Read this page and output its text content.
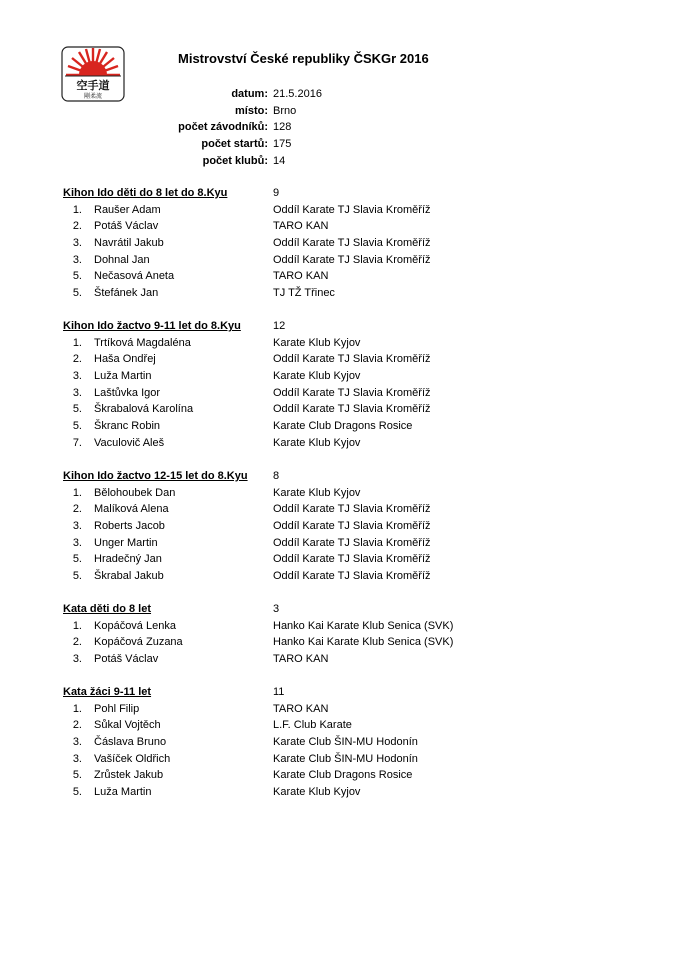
空手道
剛柔流
Mistrovství České republiky ČSKGr 2016
datum: 21.5.2016
místo: Brno
počet závodníků: 128
počet startů: 175
počet klubů: 14
Kihon Ido děti do 8 let do 8.Kyu	9
1. Raušer Adam	Oddíl Karate TJ Slavia Kroměříž
2. Potáš Václav	TARO KAN
3. Navrátil Jakub	Oddíl Karate TJ Slavia Kroměříž
3. Dohnal Jan	Oddíl Karate TJ Slavia Kroměříž
5. Nečasová Aneta	TARO KAN
5. Štefánek Jan	TJ TŽ Třinec
Kihon Ido žactvo 9-11 let do 8.Kyu	12
1. Trtíková Magdaléna	Karate Klub Kyjov
2. Haša Ondřej	Oddíl Karate TJ Slavia Kroměříž
3. Luža Martin	Karate Klub Kyjov
3. Laštůvka Igor	Oddíl Karate TJ Slavia Kroměříž
5. Škrabalová Karolína	Oddíl Karate TJ Slavia Kroměříž
5. Škranc Robin	Karate Club Dragons Rosice
7. Vaculovič Aleš	Karate Klub Kyjov
Kihon Ido žactvo 12-15 let do 8.Kyu 8
1. Bělohoubek Dan	Karate Klub Kyjov
2. Malíková Alena	Oddíl Karate TJ Slavia Kroměříž
3. Roberts Jacob	Oddíl Karate TJ Slavia Kroměříž
3. Unger Martin	Oddíl Karate TJ Slavia Kroměříž
5. Hradečný Jan	Oddíl Karate TJ Slavia Kroměříž
5. Škrabal Jakub	Oddíl Karate TJ Slavia Kroměříž
Kata děti do 8 let	3
1. Kopáčová Lenka	Hanko Kai Karate Klub Senica (SVK)
2. Kopáčová Zuzana	Hanko Kai Karate Klub Senica (SVK)
3. Potáš Václav	TARO KAN
Kata žáci 9-11 let	11
1. Pohl Filip	TARO KAN
2. Sůkal Vojtěch	L.F. Club Karate
3. Čáslava Bruno	Karate Club ŠIN-MU Hodonín
3. Vašíček Oldřich	Karate Club ŠIN-MU Hodonín
5. Zrůstek Jakub	Karate Club Dragons Rosice
5. Luža Martin	Karate Klub Kyjov
